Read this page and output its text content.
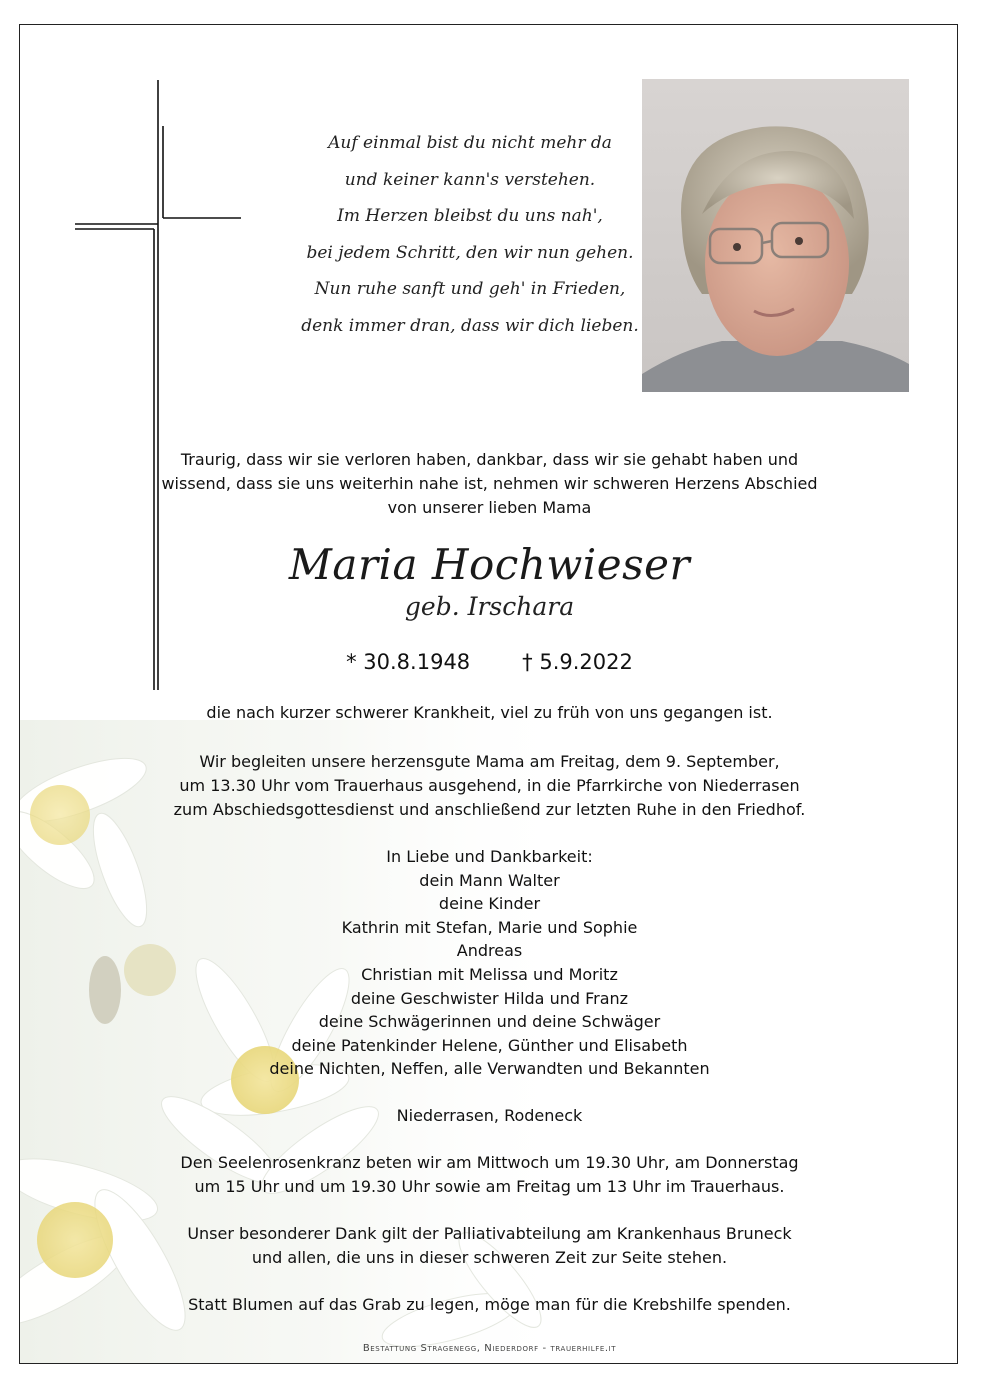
Auf einmal bist du nicht mehr da
und keiner kann's verstehen.
Im Herzen bleibst du uns nah',
bei jedem Schritt, den wir nun gehen.
Nun ruhe sanft und geh' in Frieden,
denk immer dran, dass wir dich lieben.
Traurig, dass wir sie verloren haben, dankbar, dass wir sie gehabt haben und
wissend, dass sie uns weiterhin nahe ist, nehmen wir schweren Herzens Abschied
von unserer lieben Mama
Maria Hochwieser
geb. Irschara
* 30.8.1948 † 5.9.2022
die nach kurzer schwerer Krankheit, viel zu früh von uns gegangen ist.
Wir begleiten unsere herzensgute Mama am Freitag, dem 9. September,
um 13.30 Uhr vom Trauerhaus ausgehend, in die Pfarrkirche von Niederrasen
zum Abschiedsgottesdienst und anschließend zur letzten Ruhe in den Friedhof.
In Liebe und Dankbarkeit:
dein Mann Walter
deine Kinder
Kathrin mit Stefan, Marie und Sophie
Andreas
Christian mit Melissa und Moritz
deine Geschwister Hilda und Franz
deine Schwägerinnen und deine Schwäger
deine Patenkinder Helene, Günther und Elisabeth
deine Nichten, Neffen, alle Verwandten und Bekannten
Niederrasen, Rodeneck
Den Seelenrosenkranz beten wir am Mittwoch um 19.30 Uhr, am Donnerstag
um 15 Uhr und um 19.30 Uhr sowie am Freitag um 13 Uhr im Trauerhaus.
Unser besonderer Dank gilt der Palliativabteilung am Krankenhaus Bruneck
und allen, die uns in dieser schweren Zeit zur Seite stehen.
Statt Blumen auf das Grab zu legen, möge man für die Krebshilfe spenden.
Bestattung Stragenegg, Niederdorf - trauerhilfe.it
